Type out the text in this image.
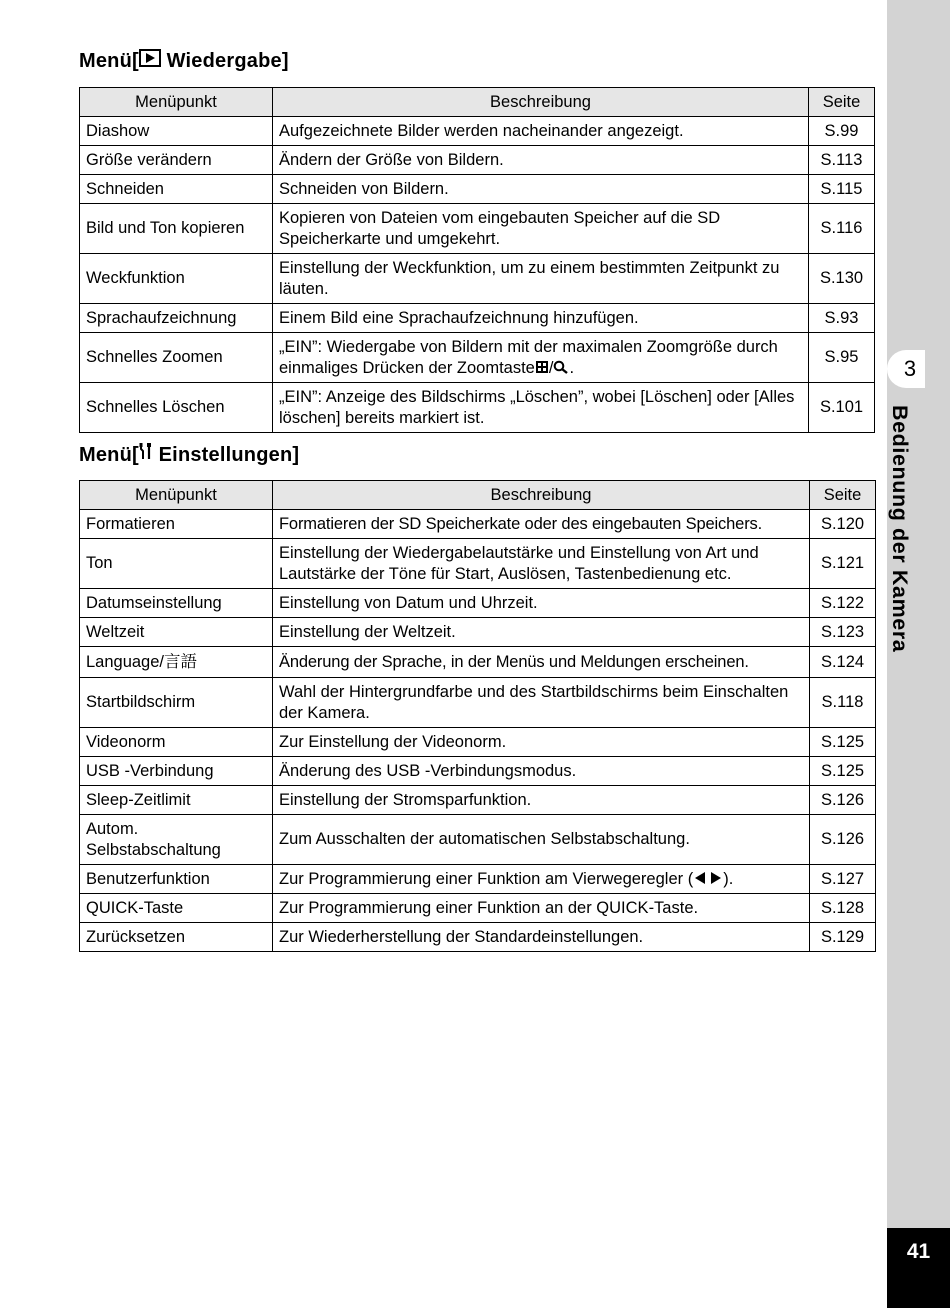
Menü[ Wiedergabe]
Menüpunkt	Beschreibung	Seite
Diashow	Aufgezeichnete Bilder werden nacheinander angezeigt.	S.99
Größe verändern	Ändern der Größe von Bildern.	S.113
Schneiden	Schneiden von Bildern.	S.115
Bild und Ton kopieren	Kopieren von Dateien vom eingebauten Speicher auf die SD Speicherkarte und umgekehrt.	S.116
Weckfunktion	Einstellung der Weckfunktion, um zu einem bestimmten Zeitpunkt zu läuten.	S.130
Sprachaufzeichnung	Einem Bild eine Sprachaufzeichnung hinzufügen.	S.93
Schnelles Zoomen	„EIN”: Wiedergabe von Bildern mit der maximalen Zoomgröße durch einmaliges Drücken der Zoomtaste / .	S.95
Schnelles Löschen	„EIN”: Anzeige des Bildschirms „Löschen”, wobei [Löschen] oder [Alles löschen] bereits markiert ist.	S.101
Menü[ Einstellungen]
Menüpunkt	Beschreibung	Seite
Formatieren	Formatieren der SD Speicherkate oder des eingebauten Speichers.	S.120
Ton	Einstellung der Wiedergabelautstärke und Einstellung von Art und Lautstärke der Töne für Start, Auslösen, Tastenbedienung etc.	S.121
Datumseinstellung	Einstellung von Datum und Uhrzeit.	S.122
Weltzeit	Einstellung der Weltzeit.	S.123
Language/言語	Änderung der Sprache, in der Menüs und Meldungen erscheinen.	S.124
Startbildschirm	Wahl der Hintergrundfarbe und des Startbildschirms beim Einschalten der Kamera.	S.118
Videonorm	Zur Einstellung der Videonorm.	S.125
USB -Verbindung	Änderung des USB -Verbindungsmodus.	S.125
Sleep-Zeitlimit	Einstellung der Stromsparfunktion.	S.126
Autom. Selbstabschaltung	Zum Ausschalten der automatischen Selbstabschaltung.	S.126
Benutzerfunktion	Zur Programmierung einer Funktion am Vierwegeregler ( ).	S.127
QUICK-Taste	Zur Programmierung einer Funktion an der QUICK-Taste.	S.128
Zurücksetzen	Zur Wiederherstellung der Standardeinstellungen.	S.129
3
Bedienung der Kamera
41
